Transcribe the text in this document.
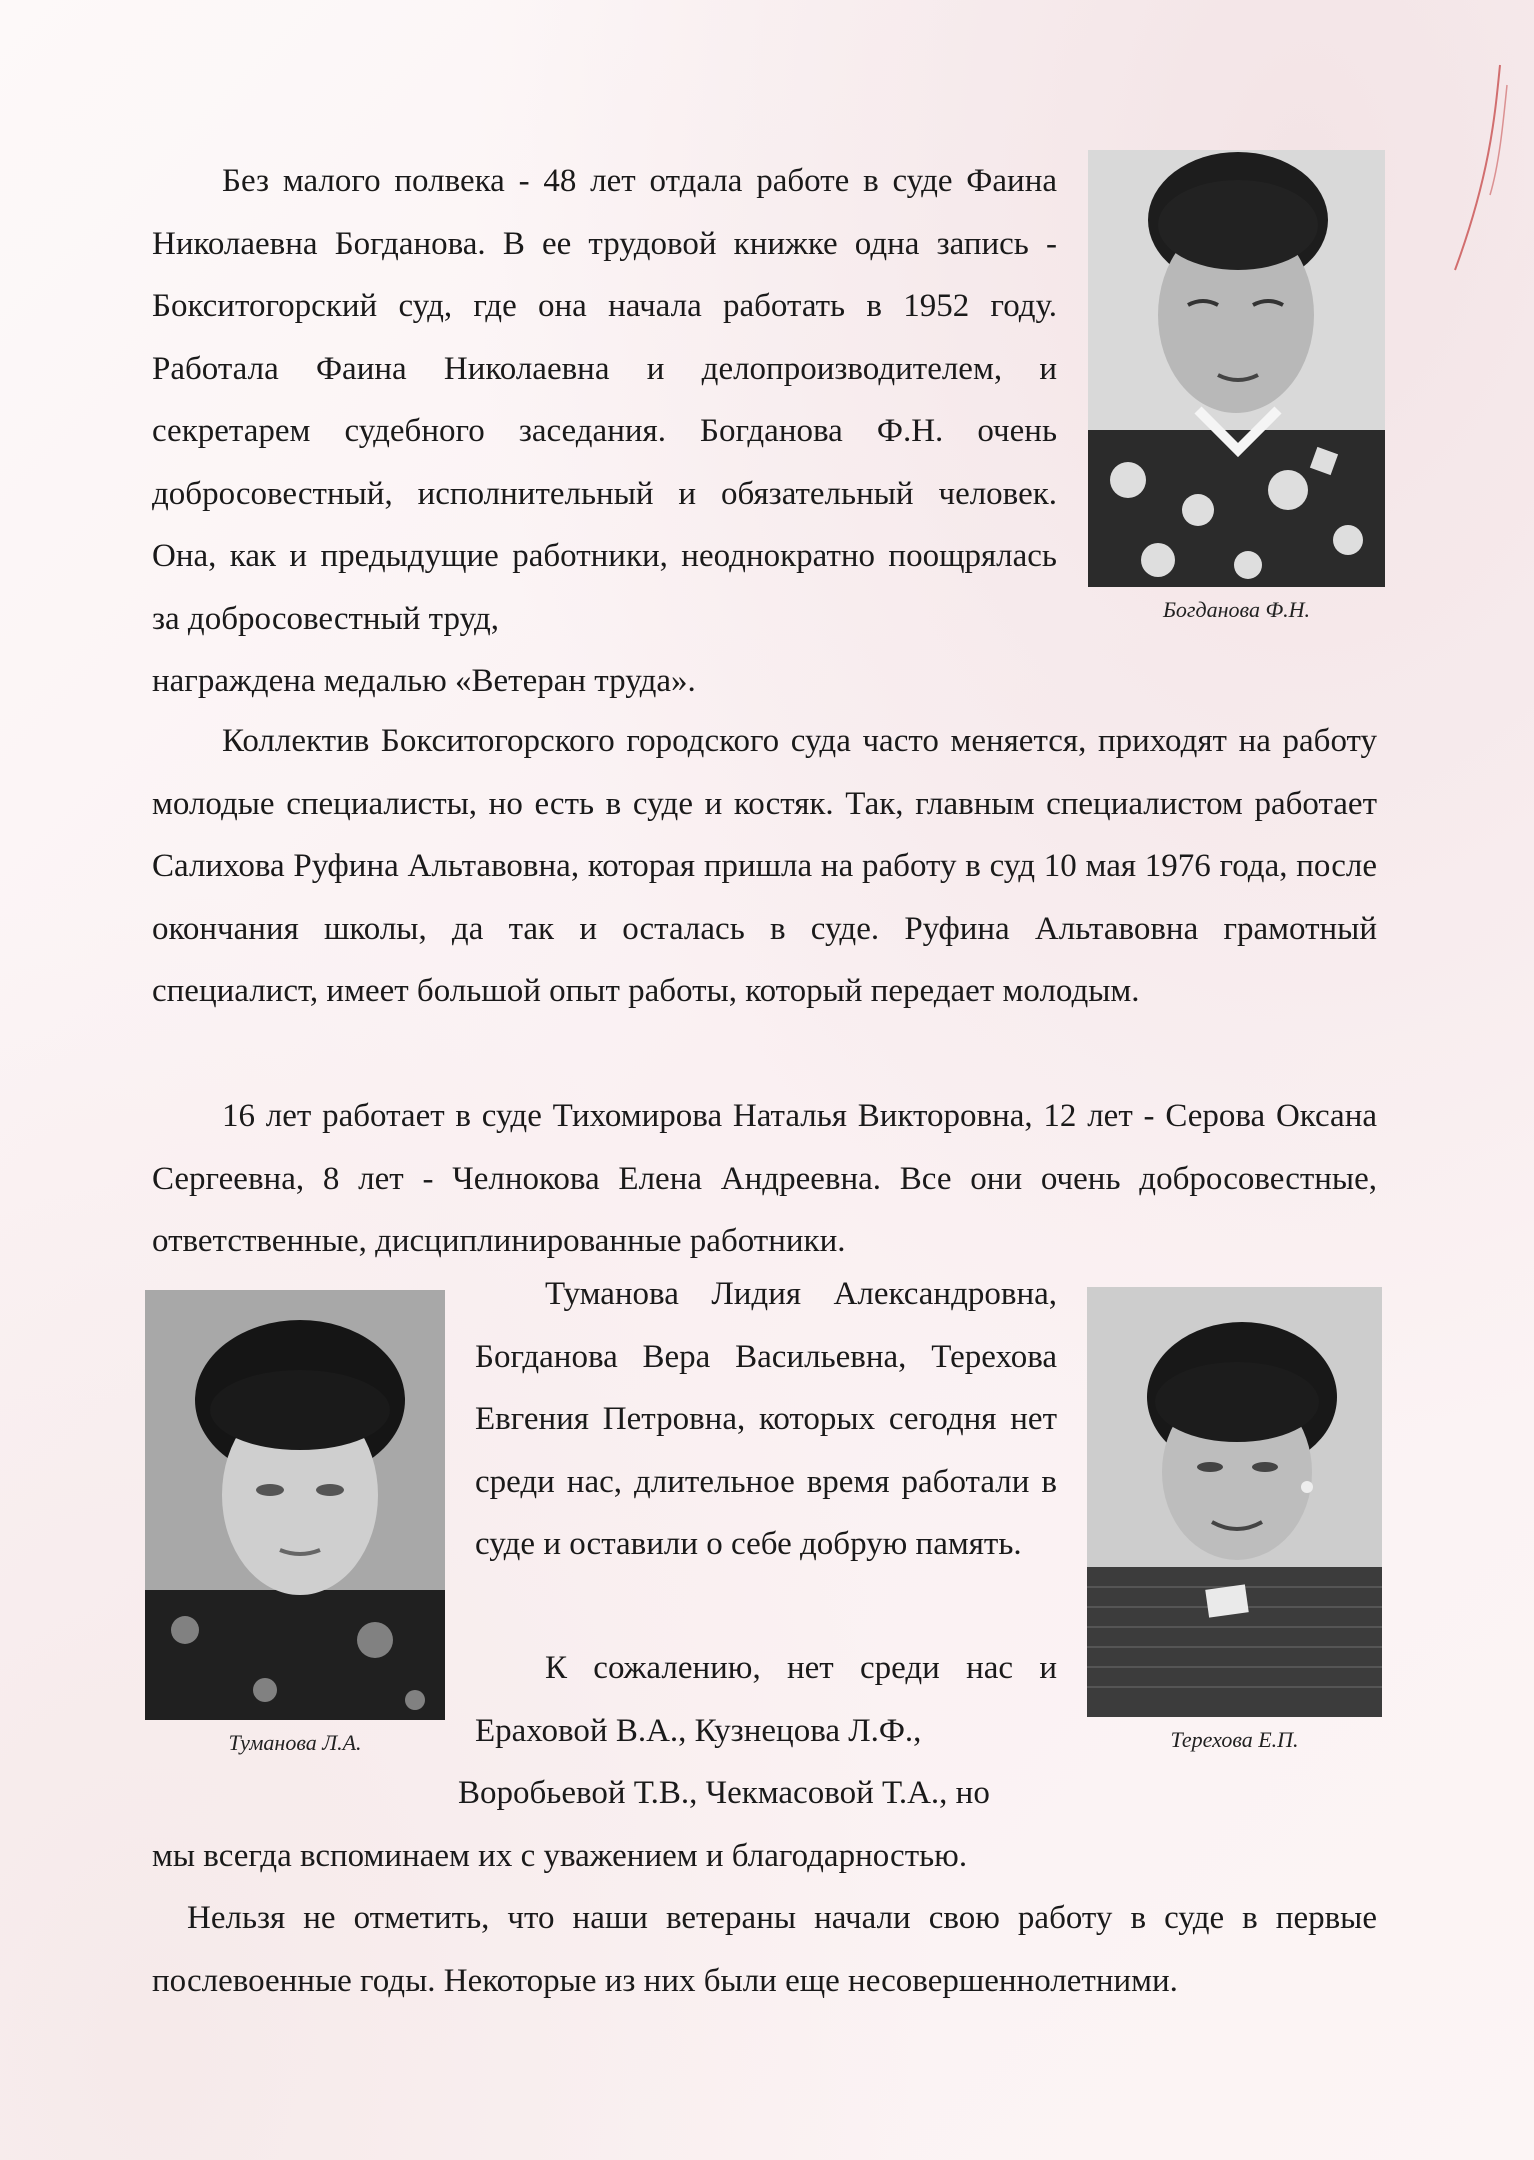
Без малого полвека - 48 лет отдала работе в суде Фаина Николаевна Богданова. В ее трудовой книжке одна запись - Бокситогорский суд, где она начала работать в 1952 году. Работала Фаина Николаевна и делопроизводителем, и секретарем судебного заседания. Богданова Ф.Н. очень добросовестный, исполнительный и обязательный человек. Она, как и предыдущие работники, неоднократно поощрялась за добросовестный труд,

награждена медалью «Ветеран труда».

Богданова Ф.Н.

Коллектив Бокситогорского городского суда часто меняется, приходят на работу молодые специалисты, но есть в суде и костяк. Так, главным специалистом работает Салихова Руфина Альтавовна, которая пришла на работу в суд 10 мая 1976 года, после окончания школы, да так и осталась в суде. Руфина Альтавовна грамотный специалист, имеет большой опыт работы, который передает молодым.

16 лет работает в суде Тихомирова Наталья Викторовна, 12 лет - Серова Оксана Сергеевна, 8 лет - Челнокова Елена Андреевна. Все они очень добросовестные, ответственные, дисциплинированные работники.

Туманова Л.А.

Туманова Лидия Александровна, Богданова Вера Васильевна, Терехова Евгения Петровна, которых сегодня нет среди нас, длительное время работали в суде и оставили о себе добрую память.

К сожалению, нет среди нас и Ераховой В.А., Кузнецова Л.Ф.,

Воробьевой Т.В., Чекмасовой Т.А., но

мы всегда вспоминаем их с уважением и благодарностью.

Терехова Е.П.

Нельзя не отметить, что наши ветераны начали свою работу в суде в первые послевоенные годы. Некоторые из них были еще несовершеннолетними.
